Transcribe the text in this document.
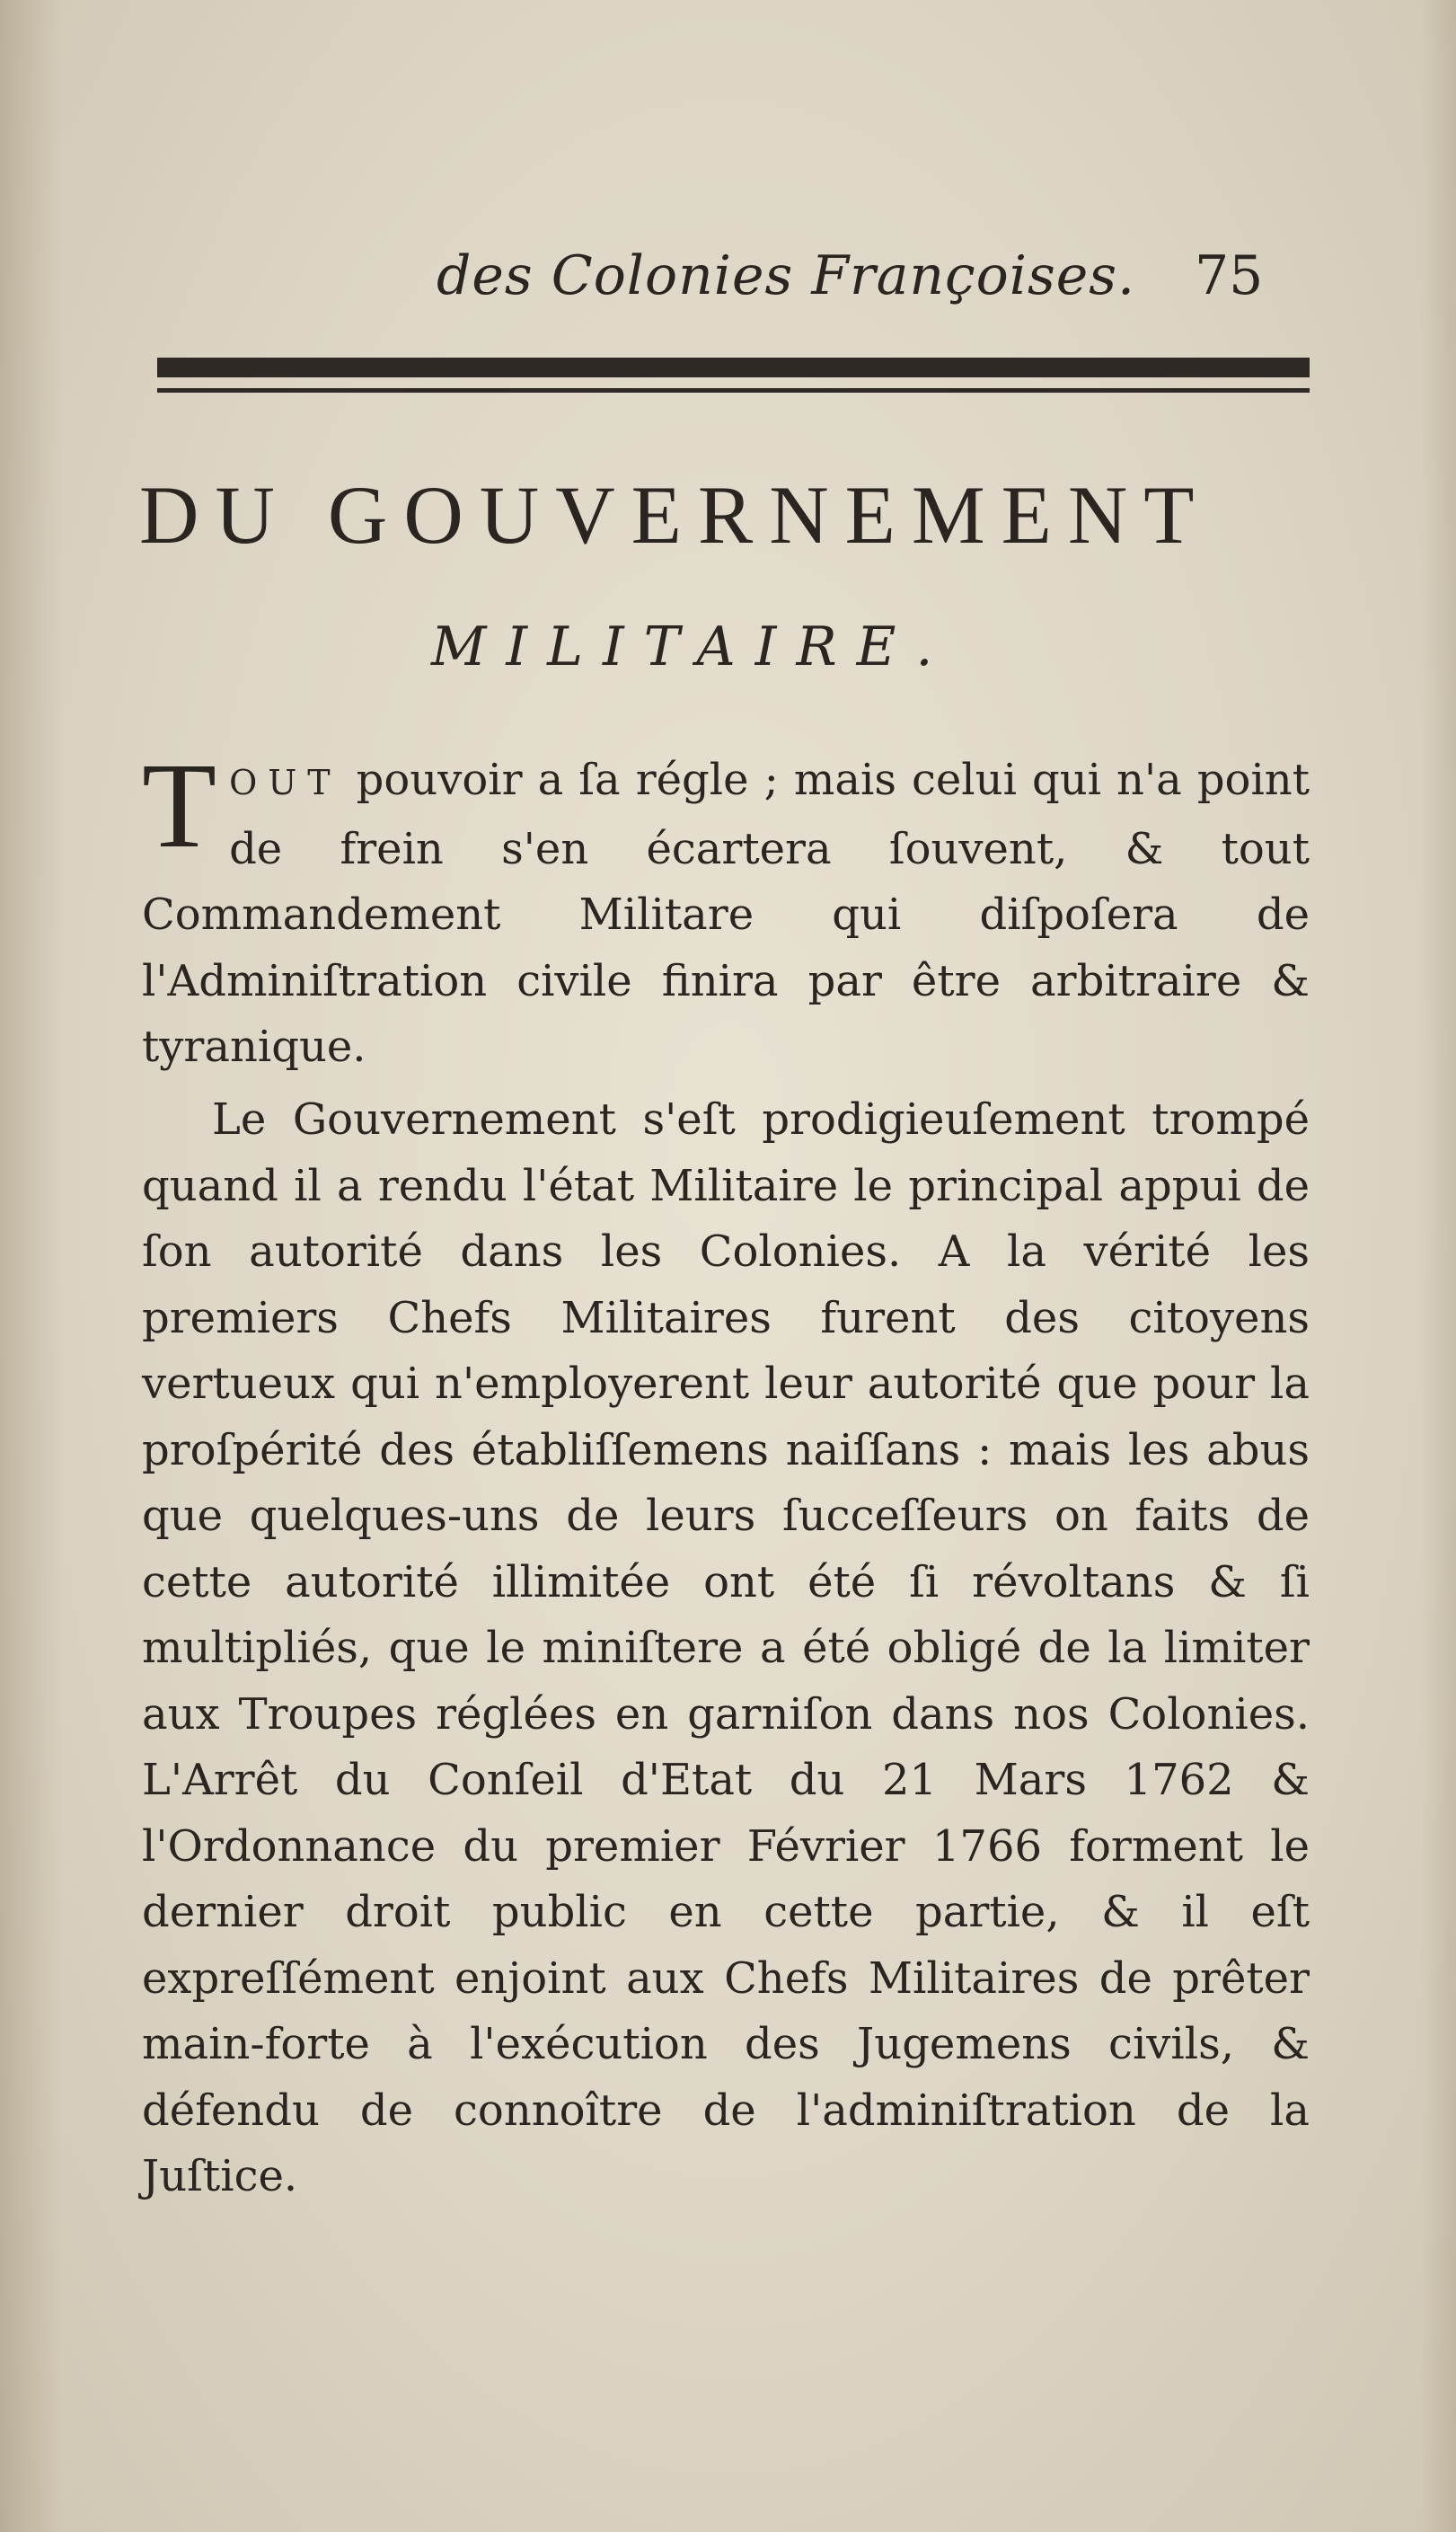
des Colonies Françoises. 75
DU GOUVERNEMENT
MILITAIRE.
TOUT pouvoir a ſa régle ; mais celui qui n'a point de frein s'en écartera ſouvent, & tout Commandement Militare qui diſpoſera de l'Adminiſtration civile finira par être arbitraire & tyranique.
Le Gouvernement s'eſt prodigieuſement trompé quand il a rendu l'état Militaire le principal appui de ſon autorité dans les Colonies. A la vérité les premiers Chefs Militaires furent des citoyens vertueux qui n'employerent leur autorité que pour la proſpérité des établiſſemens naiſſans : mais les abus que quelques-uns de leurs ſucceſſeurs on faits de cette autorité illimitée ont été ſi révoltans & ſi multipliés, que le miniſtere a été obligé de la limiter aux Troupes réglées en garniſon dans nos Colonies. L'Arrêt du Conſeil d'Etat du 21 Mars 1762 & l'Ordonnance du premier Février 1766 forment le dernier droit public en cette partie, & il eſt expreſſément enjoint aux Chefs Militaires de prêter main-forte à l'exécution des Jugemens civils, & défendu de connoître de l'adminiſtration de la Juſtice.
